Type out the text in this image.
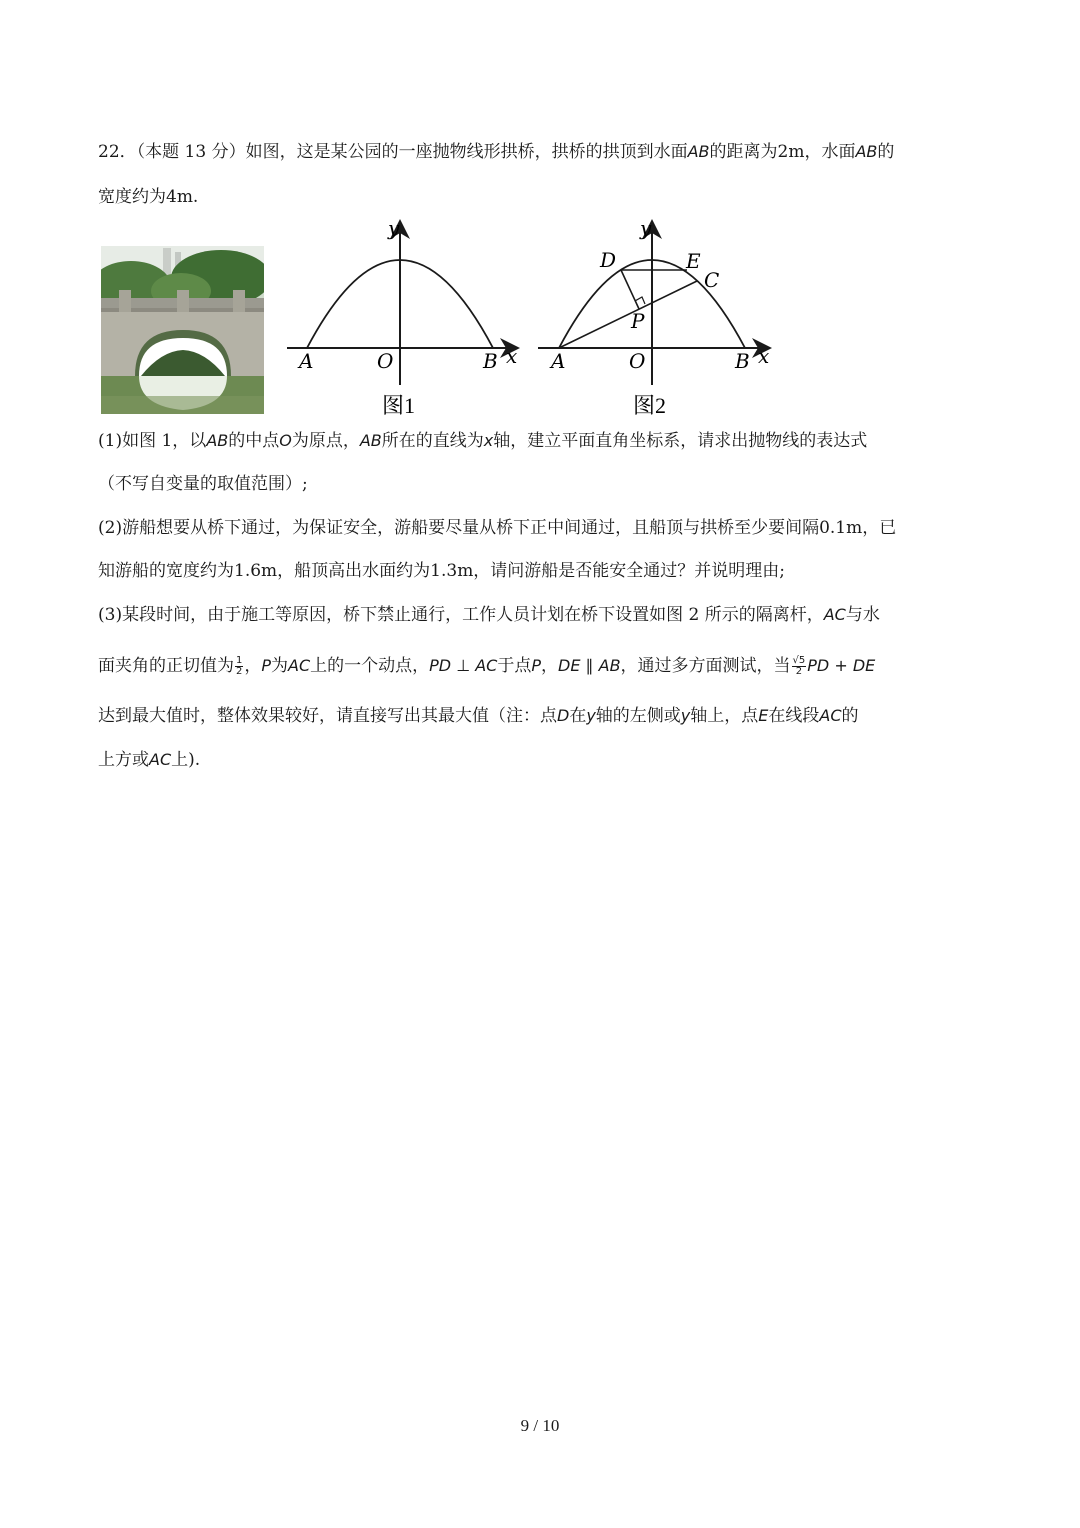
22．（本题 13 分）如图，这是某公园的一座抛物线形拱桥，拱桥的拱顶到水面AB的距离为2m，水面AB的
宽度约为4m.
y
x
A	O	B
图1
D	E
C
P
y
x
A	O	B
图2
(1)如图 1，以AB的中点O为原点，AB所在的直线为x轴，建立平面直角坐标系，请求出抛物线的表达式
（不写自变量的取值范围）;
(2)游船想要从桥下通过，为保证安全，游船要尽量从桥下正中间通过，且船顶与拱桥至少要间隔0.1m，已
知游船的宽度约为1.6m，船顶高出水面约为1.3m，请问游船是否能安全通过？并说明理由;
(3)某段时间，由于施工等原因，桥下禁止通行，工作人员计划在桥下设置如图 2 所示的隔离杆，AC与水
面夹角的正切值为 $\frac{1}{2}$ ，P为AC上的一个动点，PD ⊥ AC于点P，DE ∥ AB，通过多方面测试，当 $\frac{√5}{2}$ PD + DE
达到最大值时，整体效果较好，请直接写出其最大值（注：点D在y轴的左侧或y轴上，点E在线段AC的
上方或AC上).
9 / 10
